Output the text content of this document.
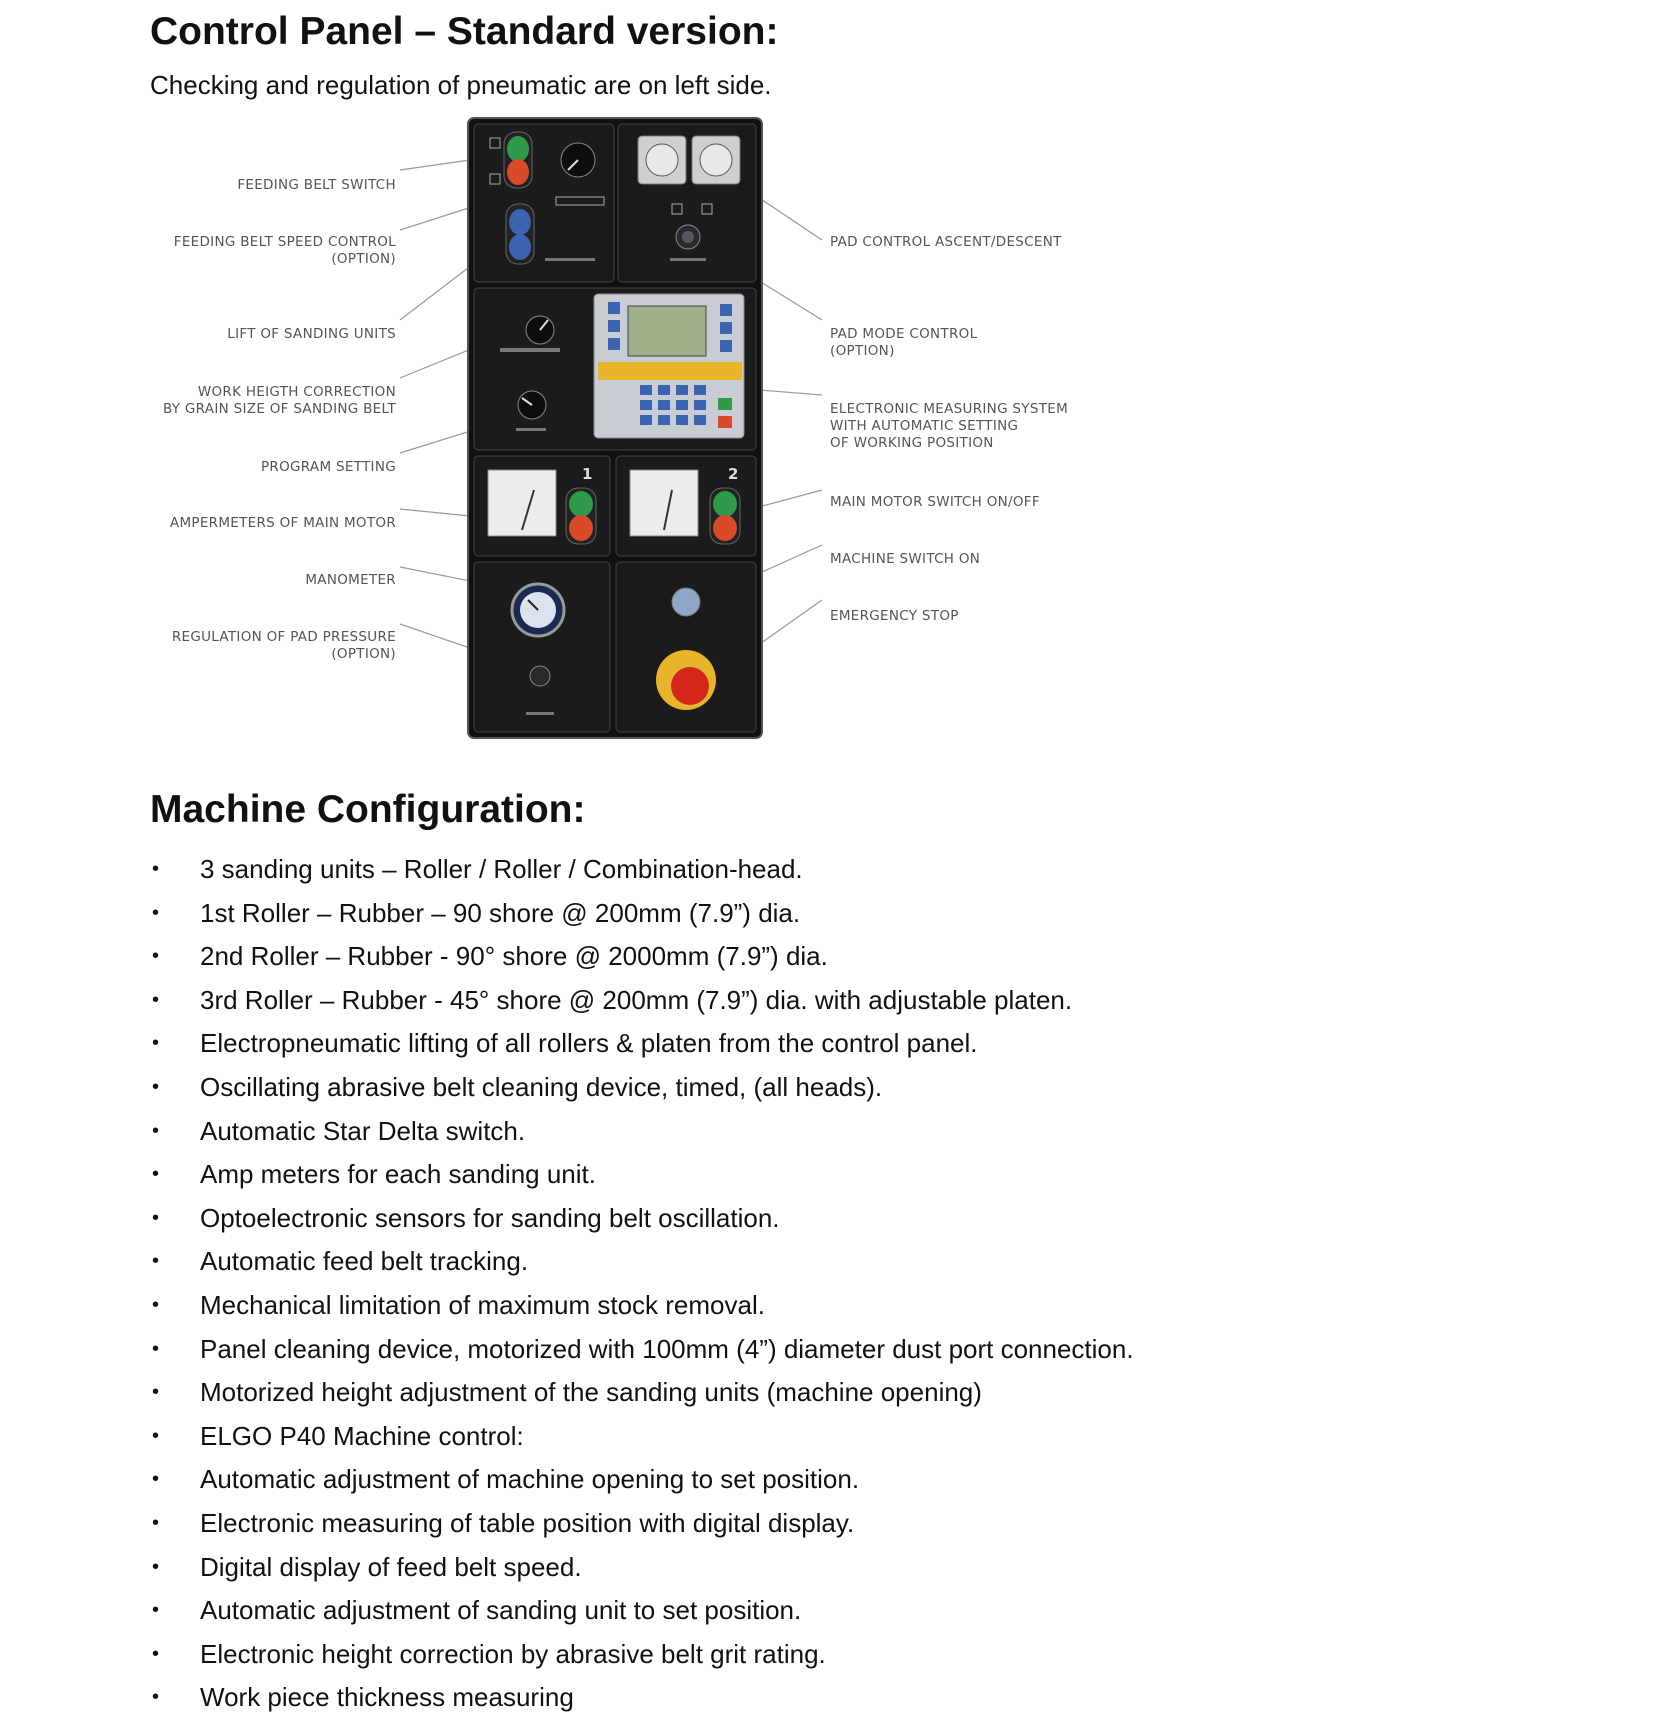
Control Panel – Standard version:

Checking and regulation of pneumatic are on left side.

FEEDING BELT SWITCH
FEEDING BELT SPEED CONTROL
(OPTION)
LIFT OF SANDING UNITS
WORK HEIGTH CORRECTION
BY GRAIN SIZE OF SANDING BELT
PROGRAM SETTING
AMPERMETERS OF MAIN MOTOR
MANOMETER
REGULATION OF PAD PRESSURE
(OPTION)
PAD CONTROL ASCENT/DESCENT
PAD MODE CONTROL
(OPTION)
ELECTRONIC MEASURING SYSTEM
WITH AUTOMATIC SETTING
OF WORKING POSITION
MAIN MOTOR SWITCH ON/OFF
MACHINE SWITCH ON
EMERGENCY STOP
1	2
Machine Configuration:
• 3 sanding units – Roller / Roller / Combination-head.
• 1st Roller – Rubber – 90 shore @ 200mm (7.9”) dia.
• 2nd Roller – Rubber - 90° shore @ 2000mm (7.9”) dia.
• 3rd Roller – Rubber - 45° shore @ 200mm (7.9”) dia. with adjustable platen.
• Electropneumatic lifting of all rollers & platen from the control panel.
• Oscillating abrasive belt cleaning device, timed, (all heads).
• Automatic Star Delta switch.
• Amp meters for each sanding unit.
• Optoelectronic sensors for sanding belt oscillation.
• Automatic feed belt tracking.
• Mechanical limitation of maximum stock removal.
• Panel cleaning device, motorized with 100mm (4”) diameter dust port connection.
• Motorized height adjustment of the sanding units (machine opening)
• ELGO P40 Machine control:
• Automatic adjustment of machine opening to set position.
• Electronic measuring of table position with digital display.
• Digital display of feed belt speed.
• Automatic adjustment of sanding unit to set position.
• Electronic height correction by abrasive belt grit rating.
• Work piece thickness measuring
